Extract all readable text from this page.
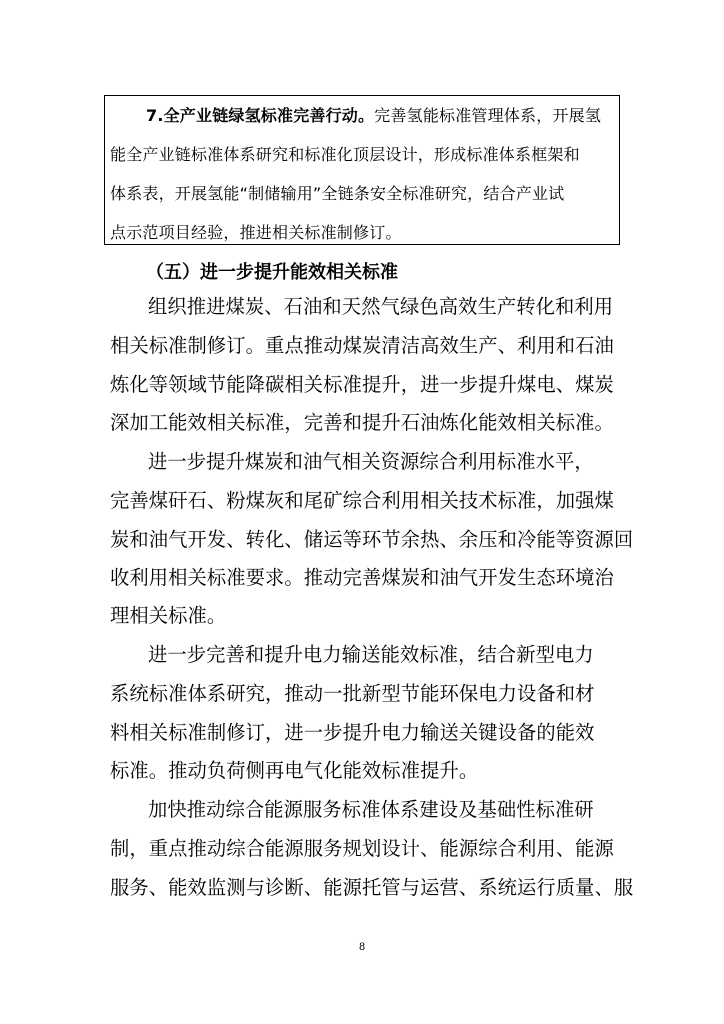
7.全产业链绿氢标准完善行动。完善氢能标准管理体系，开展氢
能全产业链标准体系研究和标准化顶层设计，形成标准体系框架和
体系表，开展氢能“制储输用”全链条安全标准研究，结合产业试
点示范项目经验，推进相关标准制修订。
（五）进一步提升能效相关标准
组织推进煤炭、石油和天然气绿色高效生产转化和利用
相关标准制修订。重点推动煤炭清洁高效生产、利用和石油
炼化等领域节能降碳相关标准提升，进一步提升煤电、煤炭
深加工能效相关标准，完善和提升石油炼化能效相关标准。
进一步提升煤炭和油气相关资源综合利用标准水平，
完善煤矸石、粉煤灰和尾矿综合利用相关技术标准，加强煤
炭和油气开发、转化、储运等环节余热、余压和冷能等资源回
收利用相关标准要求。推动完善煤炭和油气开发生态环境治
理相关标准。
进一步完善和提升电力输送能效标准，结合新型电力
系统标准体系研究，推动一批新型节能环保电力设备和材
料相关标准制修订，进一步提升电力输送关键设备的能效
标准。推动负荷侧再电气化能效标准提升。
加快推动综合能源服务标准体系建设及基础性标准研
制，重点推动综合能源服务规划设计、能源综合利用、能源
服务、能效监测与诊断、能源托管与运营、系统运行质量、服
8
